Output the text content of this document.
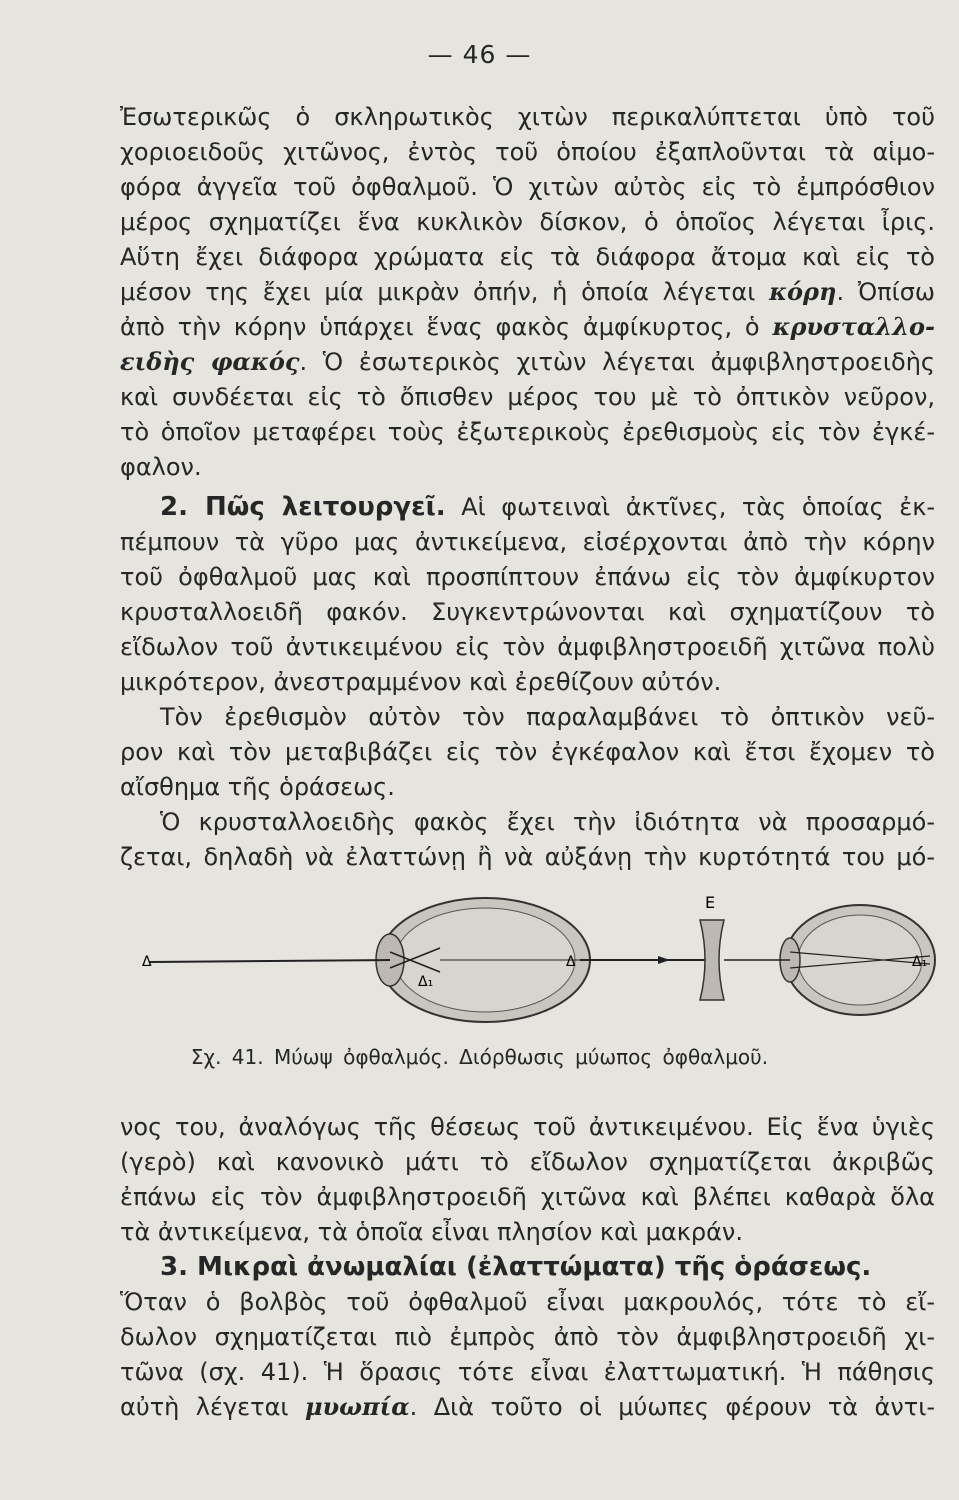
— 46 —
Ἐσωτερικῶς ὁ σκληρωτικὸς χιτὼν περικαλύπτεται ὑπὸ τοῦ
χοριοειδοῦς χιτῶνος, ἐντὸς τοῦ ὁποίου ἐξαπλοῦνται τὰ αἱμο-
φόρα ἀγγεῖα τοῦ ὀφθαλμοῦ. Ὁ χιτὼν αὐτὸς εἰς τὸ ἐμπρόσθιον
μέρος σχηματίζει ἕνα κυκλικὸν δίσκον, ὁ ὁποῖος λέγεται ἶρις.
Αὕτη ἔχει διάφορα χρώματα εἰς τὰ διάφορα ἄτομα καὶ εἰς τὸ
μέσον της ἔχει μία μικρὰν ὀπήν, ἡ ὁποία λέγεται κόρη. Ὀπίσω
ἀπὸ τὴν κόρην ὑπάρχει ἕνας φακὸς ἀμφίκυρτος, ὁ κρυσταλλο-
ειδὴς φακός. Ὁ ἐσωτερικὸς χιτὼν λέγεται ἀμφιβληστροειδὴς
καὶ συνδέεται εἰς τὸ ὄπισθεν μέρος του μὲ τὸ ὀπτικὸν νεῦρον,
τὸ ὁποῖον μεταφέρει τοὺς ἐξωτερικοὺς ἐρεθισμοὺς εἰς τὸν ἐγκέ-
φαλον.
2. Πῶς λειτουργεῖ. Αἱ φωτειναὶ ἀκτῖνες, τὰς ὁποίας ἐκ-
πέμπουν τὰ γῦρο μας ἀντικείμενα, εἰσέρχονται ἀπὸ τὴν κόρην
τοῦ ὀφθαλμοῦ μας καὶ προσπίπτουν ἐπάνω εἰς τὸν ἀμφίκυρτον
κρυσταλλοειδῆ φακόν. Συγκεντρώνονται καὶ σχηματίζουν τὸ
εἴδωλον τοῦ ἀντικειμένου εἰς τὸν ἀμφιβληστροειδῆ χιτῶνα πολὺ
μικρότερον, ἀνεστραμμένον καὶ ἐρεθίζουν αὐτόν.
Τὸν ἐρεθισμὸν αὐτὸν τὸν παραλαμβάνει τὸ ὀπτικὸν νεῦ-
ρον καὶ τὸν μεταβιβάζει εἰς τὸν ἐγκέφαλον καὶ ἔτσι ἔχομεν τὸ
αἴσθημα τῆς ὁράσεως.
Ὁ κρυσταλλοειδὴς φακὸς ἔχει τὴν ἰδιότητα νὰ προσαρμό-
ζεται, δηλαδὴ νὰ ἐλαττώνῃ ἢ νὰ αὐξάνῃ τὴν κυρτότητά του μό-
Δ
Δ₁
Ε
Δ	Δ₁
Σχ. 41. Μύωψ ὀφθαλμός. Διόρθωσις μύωπος ὀφθαλμοῦ.
νος του, ἀναλόγως τῆς θέσεως τοῦ ἀντικειμένου. Εἰς ἕνα ὑγιὲς
(γερὸ) καὶ κανονικὸ μάτι τὸ εἴδωλον σχηματίζεται ἀκριβῶς
ἐπάνω εἰς τὸν ἀμφιβληστροειδῆ χιτῶνα καὶ βλέπει καθαρὰ ὅλα
τὰ ἀντικείμενα, τὰ ὁποῖα εἶναι πλησίον καὶ μακράν.
3. Μικραὶ ἀνωμαλίαι (ἐλαττώματα) τῆς ὁράσεως.
Ὅταν ὁ βολβὸς τοῦ ὀφθαλμοῦ εἶναι μακρουλός, τότε τὸ εἴ-
δωλον σχηματίζεται πιὸ ἐμπρὸς ἀπὸ τὸν ἀμφιβληστροειδῆ χι-
τῶνα (σχ. 41). Ἡ ὅρασις τότε εἶναι ἐλαττωματική. Ἡ πάθησις
αὐτὴ λέγεται μυωπία. Διὰ τοῦτο οἱ μύωπες φέρουν τὰ ἀντι-
